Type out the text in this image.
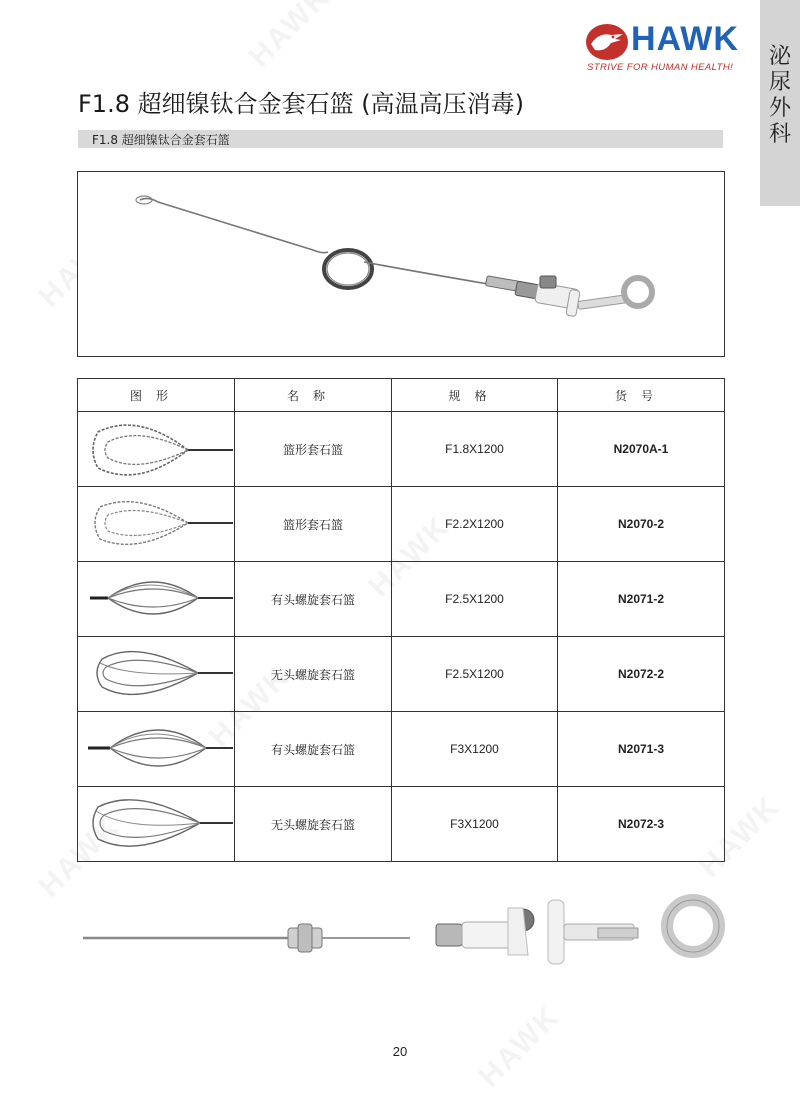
泌尿外科
HAWK
STRIVE FOR HUMAN HEALTH!
F1.8 超细镍钛合金套石篮 (高温高压消毒)
F1.8 超细镍钛合金套石篮
图形	名称	规格	货号
	篮形套石篮	F1.8X1200	N2070A-1
	篮形套石篮	F2.2X1200	N2070-2
	有头螺旋套石篮	F2.5X1200	N2071-2
	无头螺旋套石篮	F2.5X1200	N2072-2
	有头螺旋套石篮	F3X1200	N2071-3
	无头螺旋套石篮	F3X1200	N2072-3
20
